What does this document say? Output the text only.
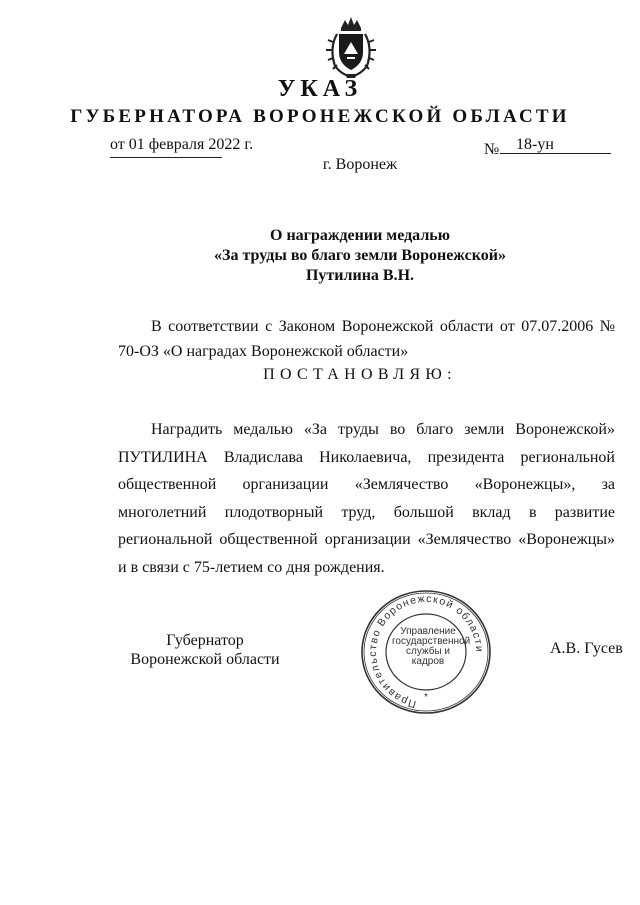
УКАЗ
ГУБЕРНАТОРА ВОРОНЕЖСКОЙ ОБЛАСТИ
от 01 февраля 2022 г.	№ 18-ун
г. Воронеж
О награждении медалью
«За труды во благо земли Воронежской»
Путилина В.Н.
В соответствии с Законом Воронежской области от 07.07.2006 № 70-ОЗ «О наградах Воронежской области»
ПОСТАНОВЛЯЮ:
Наградить медалью «За труды во благо земли Воронежской» ПУТИЛИНА Владислава Николаевича, президента региональной общественной организации «Землячество «Воронежцы», за многолетний плодотворный труд, большой вклад в развитие региональной общественной организации «Землячество «Воронежцы» и в связи с 75-летием со дня рождения.
Губернатор
Воронежской области
Правительство Воронежской области
*
Управление
государственной
службы и кадров
А.В. Гусев
